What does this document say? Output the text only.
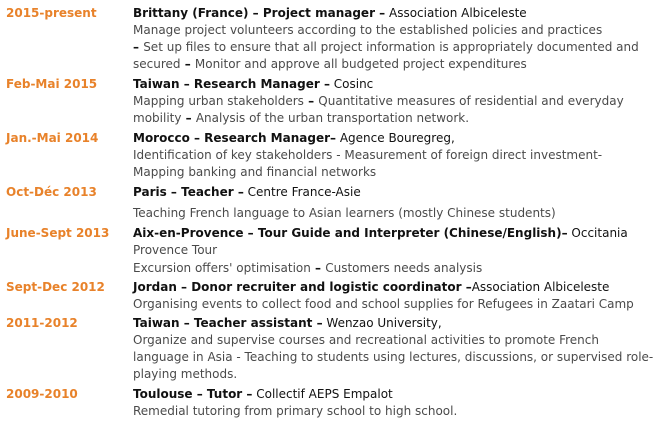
2015-present	Brittany (France) – Project manager – Association Albiceleste
Manage project volunteers according to the established policies and practices
– Set up files to ensure that all project information is appropriately documented and
secured – Monitor and approve all budgeted project expenditures
Feb-Mai 2015	Taiwan – Research Manager – Cosinc
Mapping urban stakeholders – Quantitative measures of residential and everyday
mobility – Analysis of the urban transportation network.
Jan.-Mai 2014	Morocco – Research Manager– Agence Bouregreg,
Identification of key stakeholders - Measurement of foreign direct investment-
Mapping banking and financial networks
Oct-Déc 2013	Paris – Teacher – Centre France-Asie
Teaching French language to Asian learners (mostly Chinese students)
June-Sept 2013	Aix-en-Provence – Tour Guide and Interpreter (Chinese/English)– Occitania
Provence Tour
Excursion offers' optimisation – Customers needs analysis
Sept-Dec 2012	Jordan – Donor recruiter and logistic coordinator –Association Albiceleste
Organising events to collect food and school supplies for Refugees in Zaatari Camp
2011-2012	Taiwan – Teacher assistant – Wenzao University,
Organize and supervise courses and recreational activities to promote French
language in Asia - Teaching to students using lectures, discussions, or supervised role-
playing methods.
2009-2010	Toulouse – Tutor – Collectif AEPS Empalot
Remedial tutoring from primary school to high school.
